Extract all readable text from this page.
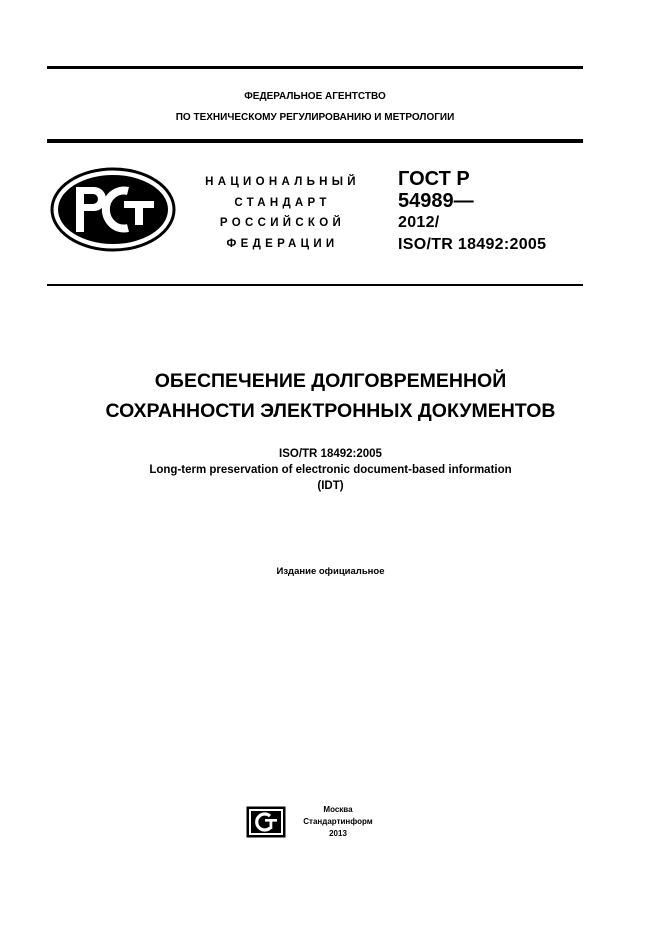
ФЕДЕРАЛЬНОЕ АГЕНТСТВО
ПО ТЕХНИЧЕСКОМУ РЕГУЛИРОВАНИЮ И МЕТРОЛОГИИ
НАЦИОНАЛЬНЫЙ
СТАНДАРТ
РОССИЙСКОЙ
ФЕДЕРАЦИИ
ГОСТ Р
54989—
2012/
ISO/TR 18492:2005
ОБЕСПЕЧЕНИЕ ДОЛГОВРЕМЕННОЙ
СОХРАННОСТИ ЭЛЕКТРОННЫХ ДОКУМЕНТОВ
ISO/TR 18492:2005
Long-term preservation of electronic document-based information
(IDT)
Издание официальное
Москва
Стандартинформ
2013
